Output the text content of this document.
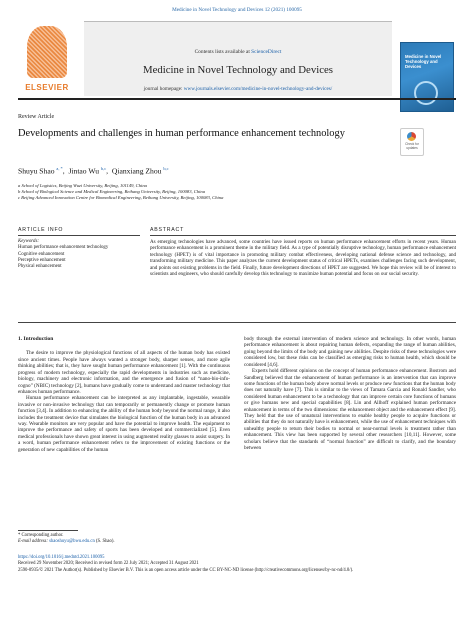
Medicine in Novel Technology and Devices 12 (2021) 100095
ELSEVIER
Contents lists available at ScienceDirect
Medicine in Novel Technology and Devices
journal homepage: www.journals.elsevier.com/medicine-in-novel-technology-and-devices/
Medicine in Novel Technology and Devices
Review Article
Developments and challenges in human performance enhancement technology
Check for updates
Shuyu Shao $^{a, *}$,  Jintao Wu $^{b,c}$,  Qianxiang Zhou $^{b,c}$
a School of Logistics, Beijing Wuzi University, Beijing, 101149, China
b School of Biological Science and Medical Engineering, Beihang University, Beijing, 100083, China
c Beijing Advanced Innovation Centre for Biomedical Engineering, Beihang University, Beijing, 100083, China
ARTICLE INFO	ABSTRACT
Keywords:
Human performance enhancement technology
Cognitive enhancement
Perceptive enhancement
Physical enhancement
As emerging technologies have advanced, some countries have issued reports on human performance enhancement efforts in recent years. Human performance enhancement is a prominent theme in the military field. As a type of potentially disruptive technology, human performance enhancement technology (HPET) is of vital importance in promoting military combat effectiveness, developing national defense science and technology, and transforming military medicine. This paper analyzes the current development status of critical HPETs, examines challenges facing such development, and points out existing problems in the field. Finally, future development directions of HPET are suggested. We hope this review will be of interest to scientists and engineers, who should carefully develop this technology to maximize human potential and focus on our social security.

1. Introduction

The desire to improve the physiological functions of all aspects of the human body has existed since ancient times. People have always wanted a stronger body, sharper senses, and more agile thinking abilities; that is, they have sought human performance enhancement [1]. With the continuous progress of modern technology, especially the rapid developments in industries such as medicine, biology, machinery and electronic information, and the emergence and fusion of “nano-bio-info-cogno” (NBIC) technology [2], humans have gradually come to understand and master technology that enhances human performance.

Human performance enhancement can be interpreted as any implantable, ingestable, wearable invasive or non-invasive technology that can temporarily or permanently change or promote human function [3,4]. In addition to enhancing the ability of the human body beyond the normal range, it also includes the treatment device that simulates the biological function of the human body in an advanced way. Wearable monitors are very popular and have the potential to improve health. The equipment to improve the performance and safety of sports has been developed and commercialized [5]. Even medical professionals have shown great interest in using augmented reality glasses to assist surgery. In a word, human performance enhancement refers to the improvement of existing functions or the generation of new capabilities of the human

body through the external intervention of modern science and technology. In other words, human performance enhancement is about repairing human defects, expanding the range of human abilities, going beyond the limits of the body and gaining new abilities. Despite risks of these technologies were considered low, but these risks can be classified as emerging risks to human health, which should be considered [4,6].

Experts hold different opinions on the concept of human performance enhancement. Bostrom and Sandberg believed that the enhancement of human performance is an intervention that can improve some functions of the human body above normal levels or produce new functions that the human body does not naturally have [7]. This is similar to the views of Tamara Garcia and Ronald Sandler, who considered human enhancement to be a technology that can improve certain core functions of humans or give humans new and special capabilities [8]. Lin and Allhoff explained human performance enhancement in terms of the two dimensions: the enhancement object and the enhancement effect [9]. They held that the use of unnatural interventions to enable healthy people to acquire functions or abilities that they do not naturally have is enhancement, while the use of enhancement techniques with unhealthy people to return their bodies to normal or near-normal levels is treatment rather than enhancement. This view has been supported by several other researchers [10,11]. However, some scholars believe that the standards of “normal function” are difficult to clarify, and the boundary between

* Corresponding author.
E-mail address: shaoshuyu@bwu.edu.cn (S. Shao).
https://doi.org/10.1016/j.medntd.2021.100095
Received 29 November 2020; Received in revised form 22 July 2021; Accepted 31 August 2021
2590-0935/© 2021 The Author(s). Published by Elsevier B.V. This is an open access article under the CC BY-NC-ND license (http://creativecommons.org/licenses/by-nc-nd/4.0/).
